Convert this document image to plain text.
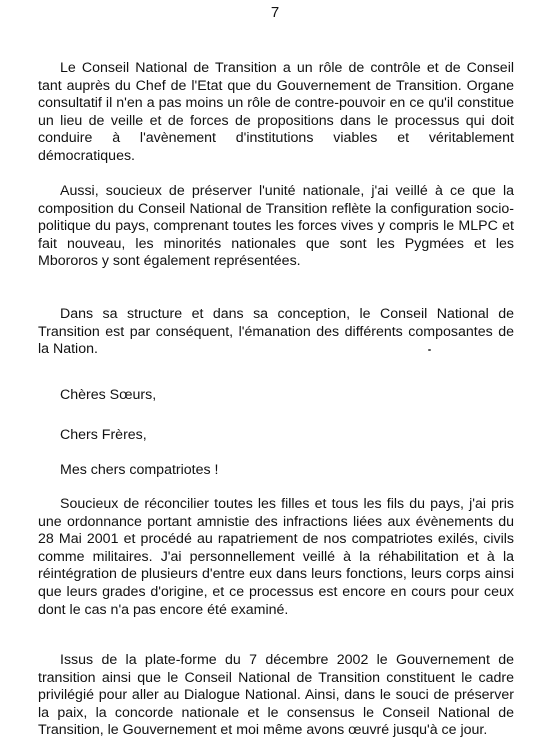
7

Le Conseil National de Transition a un rôle de contrôle et de Conseil tant auprès du Chef de l'Etat que du Gouvernement de Transition. Organe consultatif il n'en a pas moins un rôle de contre-pouvoir en ce qu'il constitue un lieu de veille et de forces de propositions dans le processus qui doit conduire à l'avènement d'institutions viables et véritablement démocratiques.

Aussi, soucieux de préserver l'unité nationale, j'ai veillé à ce que la composition du Conseil National de Transition reflète la configuration socio-politique du pays, comprenant toutes les forces vives y compris le MLPC et fait nouveau, les minorités nationales que sont les Pygmées et les Mbororos y sont également représentées.

Dans sa structure et dans sa conception, le Conseil National de Transition est par conséquent, l'émanation des différents composantes de la Nation.

Chères Sœurs,

Chers Frères,

Mes chers compatriotes !

Soucieux de réconcilier toutes les filles et tous les fils du pays, j'ai pris une ordonnance portant amnistie des infractions liées aux évènements du 28 Mai 2001 et procédé au rapatriement de nos compatriotes exilés, civils comme militaires. J'ai personnellement veillé à la réhabilitation et à la réintégration de plusieurs d'entre eux dans leurs fonctions, leurs corps ainsi que leurs grades d'origine, et ce processus est encore en cours pour ceux dont le cas n'a pas encore été examiné.

Issus de la plate-forme du 7 décembre 2002 le Gouvernement de transition ainsi que le Conseil National de Transition constituent le cadre privilégié pour aller au Dialogue National. Ainsi, dans le souci de préserver la paix, la concorde nationale et le consensus le Conseil National de Transition, le Gouvernement et moi même avons œuvré jusqu'à ce jour.
